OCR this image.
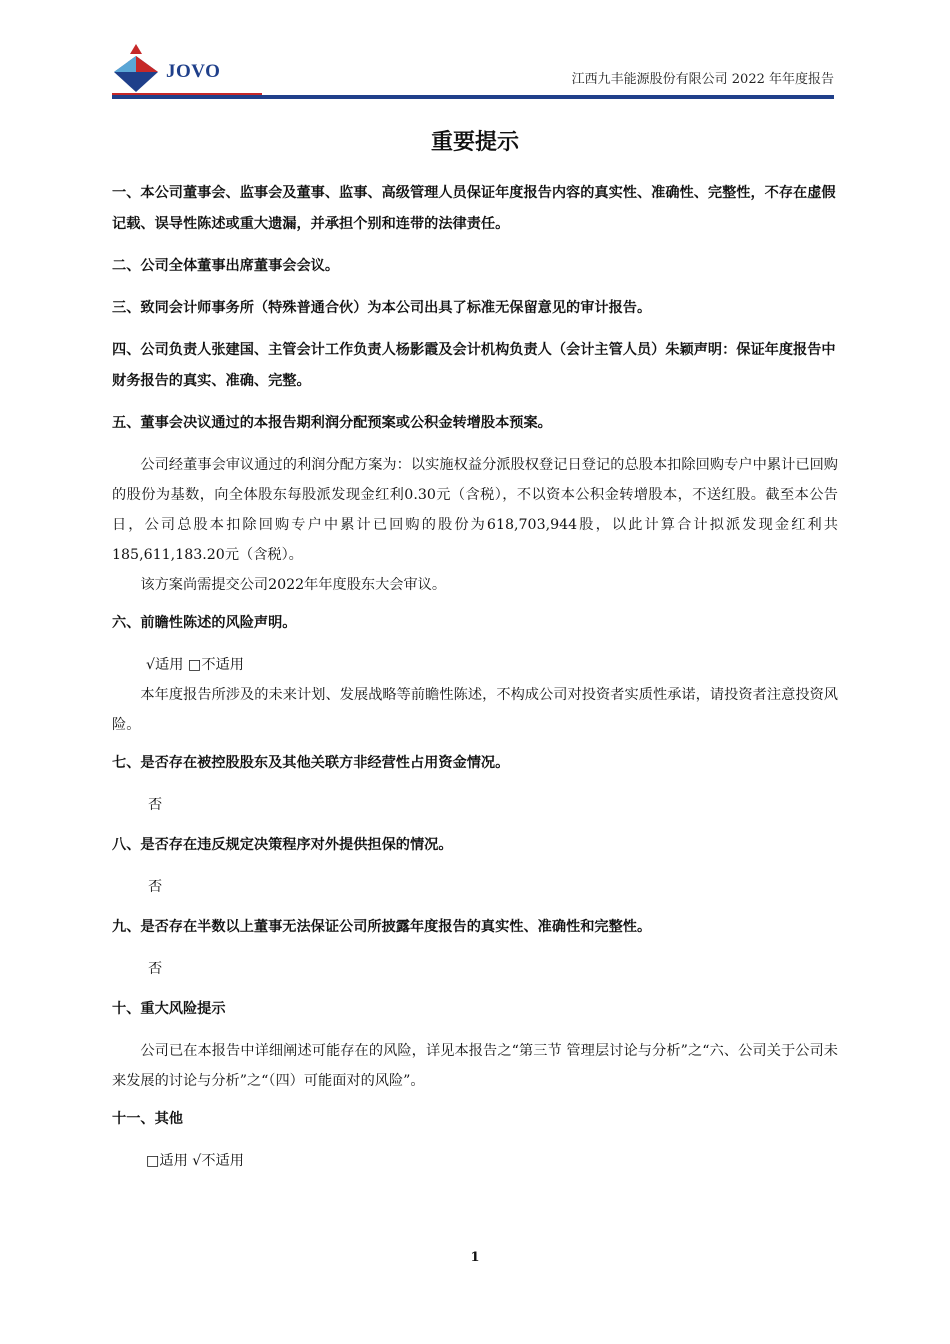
JOVO	江西九丰能源股份有限公司 2022 年年度报告
重要提示
一、本公司董事会、监事会及董事、监事、高级管理人员保证年度报告内容的真实性、准确性、完整性，不存在虚假记载、误导性陈述或重大遗漏，并承担个别和连带的法律责任。
二、公司全体董事出席董事会会议。
三、致同会计师事务所（特殊普通合伙）为本公司出具了标准无保留意见的审计报告。
四、公司负责人张建国、主管会计工作负责人杨影霞及会计机构负责人（会计主管人员）朱颖声明：保证年度报告中财务报告的真实、准确、完整。
五、董事会决议通过的本报告期利润分配预案或公积金转增股本预案。

公司经董事会审议通过的利润分配方案为：以实施权益分派股权登记日登记的总股本扣除回购专户中累计已回购的股份为基数，向全体股东每股派发现金红利0.30元（含税），不以资本公积金转增股本，不送红股。截至本公告日，公司总股本扣除回购专户中累计已回购的股份为618,703,944股，以此计算合计拟派发现金红利共185,611,183.20元（含税）。

该方案尚需提交公司2022年年度股东大会审议。

六、前瞻性陈述的风险声明。

√适用 □不适用

本年度报告所涉及的未来计划、发展战略等前瞻性陈述，不构成公司对投资者实质性承诺，请投资者注意投资风险。

七、是否存在被控股股东及其他关联方非经营性占用资金情况。

否

八、是否存在违反规定决策程序对外提供担保的情况。

否

九、是否存在半数以上董事无法保证公司所披露年度报告的真实性、准确性和完整性。

否

十、重大风险提示

公司已在本报告中详细阐述可能存在的风险，详见本报告之“第三节 管理层讨论与分析”之“六、公司关于公司未来发展的讨论与分析”之“（四）可能面对的风险”。

十一、其他

□适用 √不适用

1
